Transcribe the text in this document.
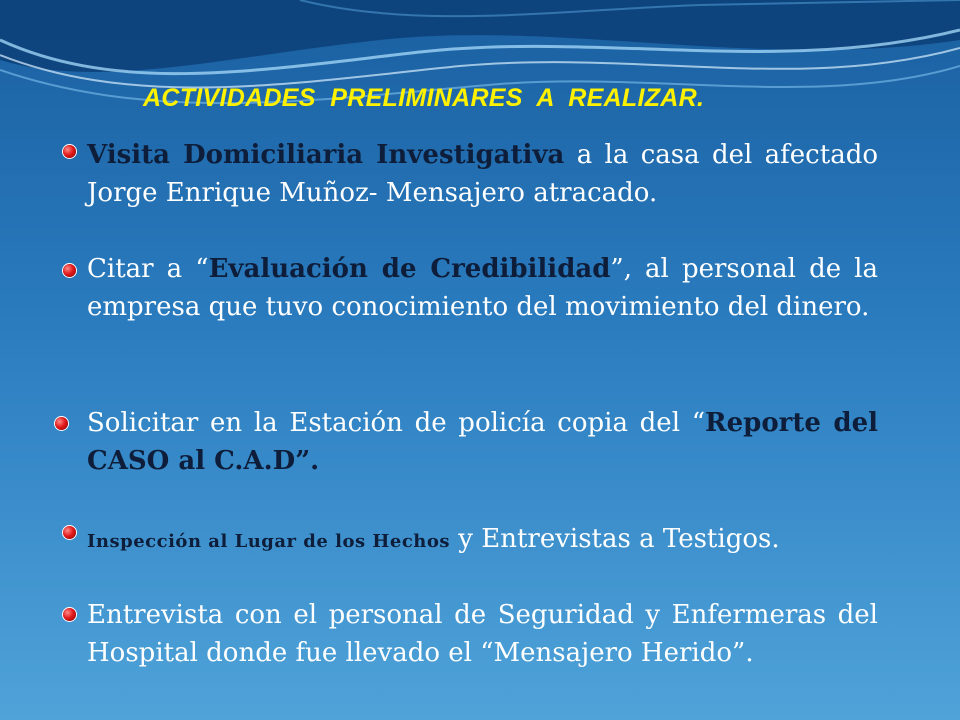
ACTIVIDADES  PRELIMINARES  A  REALIZAR.
Visita Domiciliaria Investigativa a la casa del afectado Jorge Enrique Muñoz- Mensajero atracado.
Citar a “Evaluación de Credibilidad”, al personal de la empresa que tuvo conocimiento del movimiento del dinero.
Solicitar en la Estación de policía copia del “Reporte del CASO al C.A.D”.
Inspección al Lugar de los Hechos y Entrevistas a Testigos.
Entrevista con el personal de Seguridad y Enfermeras del Hospital donde fue llevado el “Mensajero Herido”.
